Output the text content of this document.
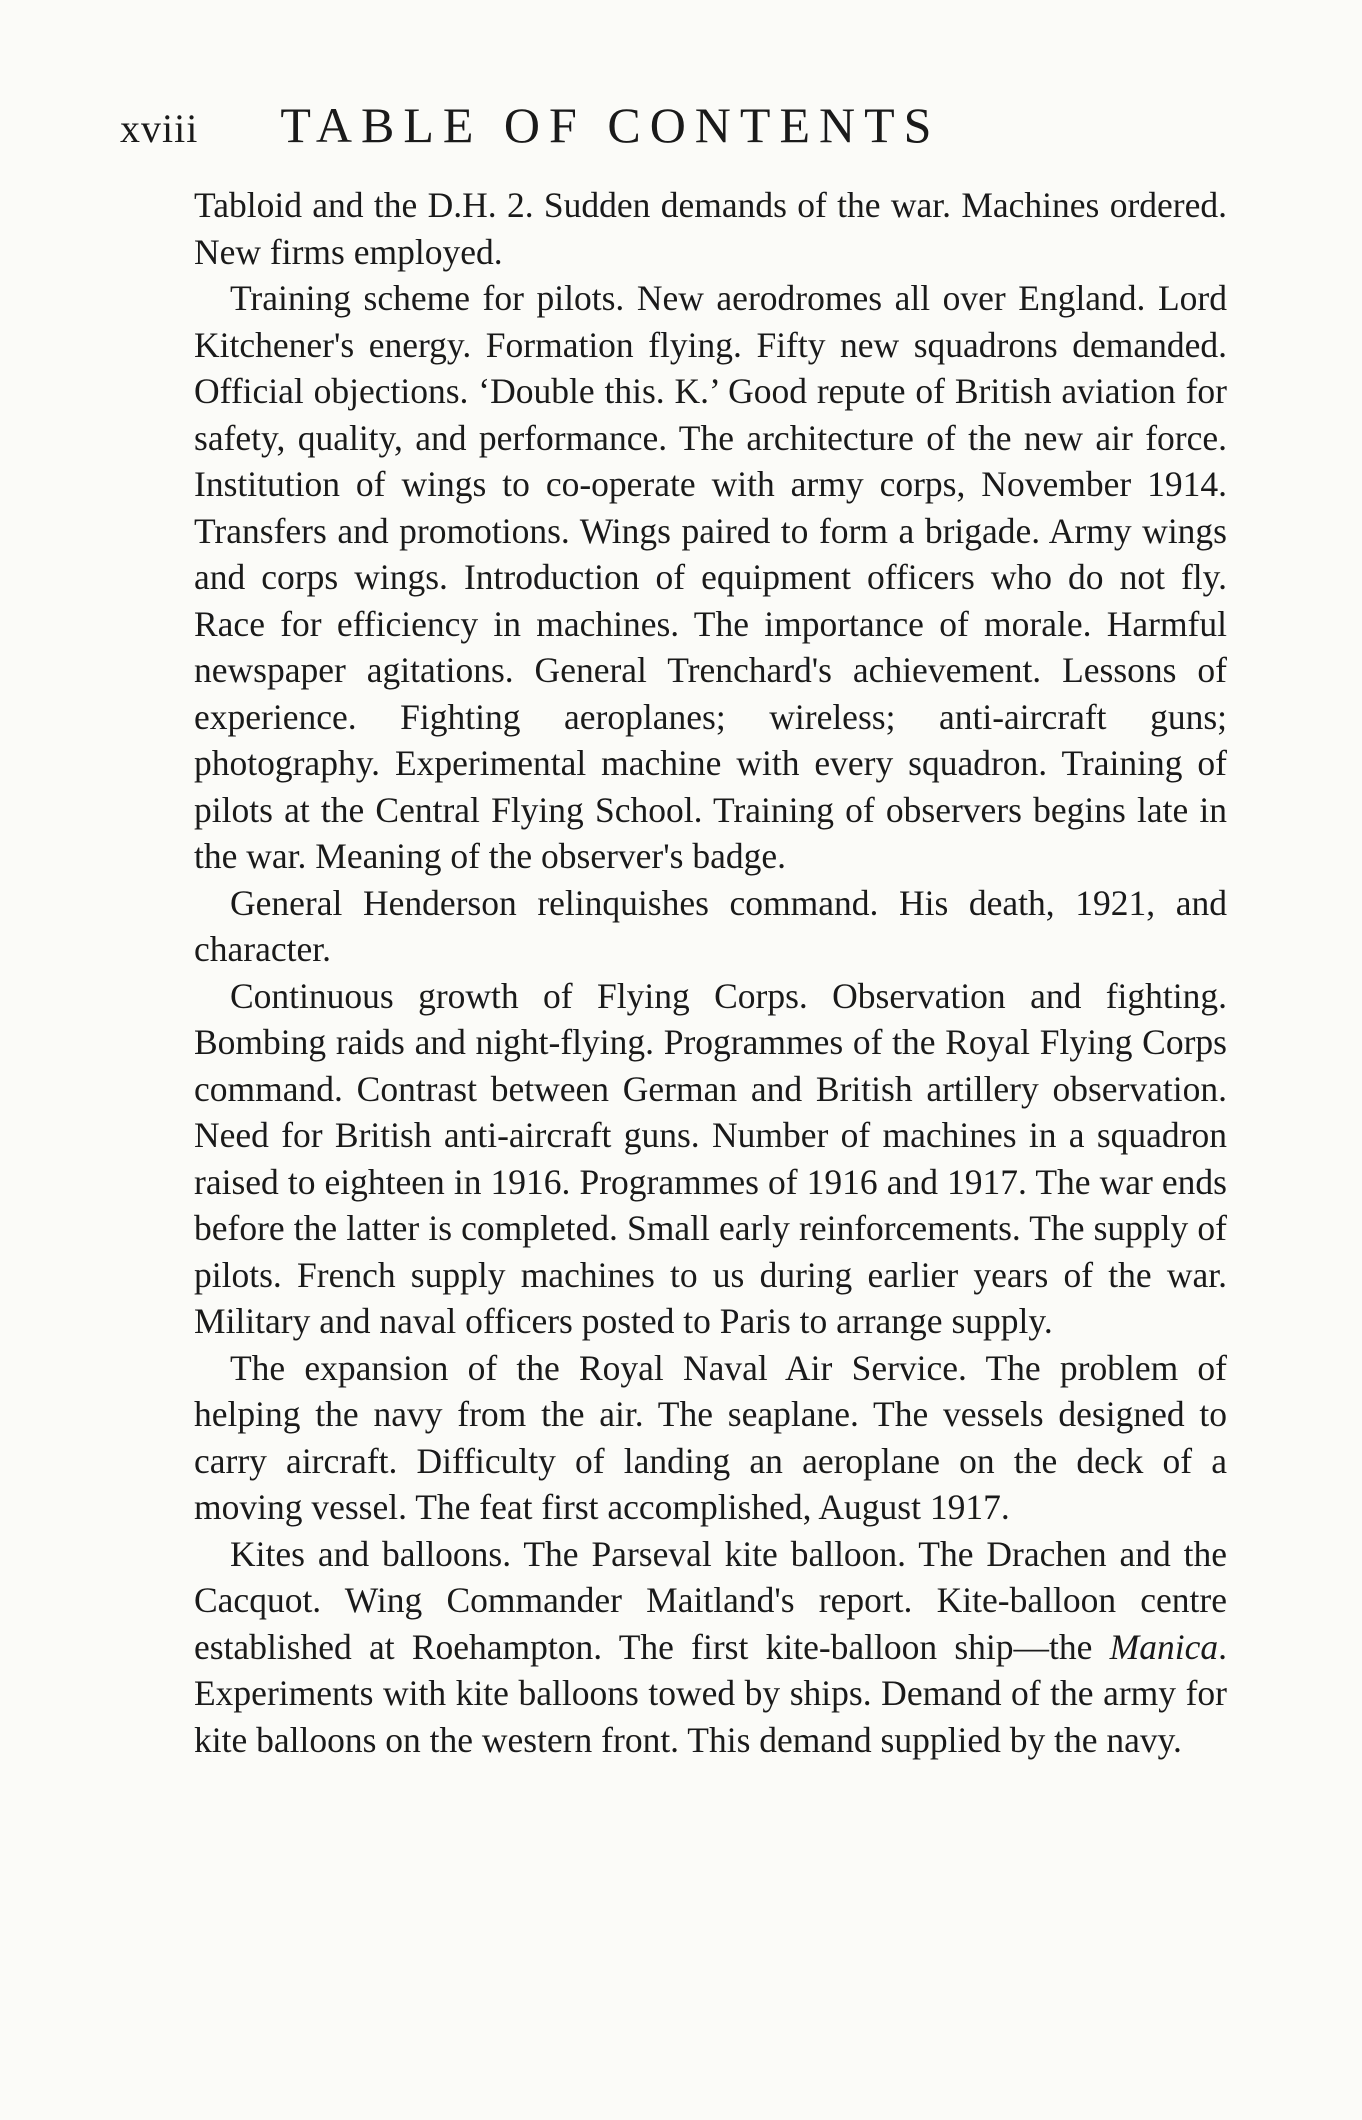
xviii TABLE OF CONTENTS

Tabloid and the D.H. 2. Sudden demands of the war. Machines ordered. New firms employed.

Training scheme for pilots. New aerodromes all over England. Lord Kitchener's energy. Formation flying. Fifty new squadrons demanded. Official objections. ‘Double this. K.’ Good repute of British aviation for safety, quality, and performance. The architecture of the new air force. Institution of wings to co-operate with army corps, November 1914. Transfers and promotions. Wings paired to form a brigade. Army wings and corps wings. Introduction of equipment officers who do not fly. Race for efficiency in machines. The importance of morale. Harmful newspaper agitations. General Trenchard's achievement. Lessons of experience. Fighting aeroplanes; wireless; anti-aircraft guns; photography. Experimental machine with every squadron. Training of pilots at the Central Flying School. Training of observers begins late in the war. Meaning of the observer's badge.

General Henderson relinquishes command. His death, 1921, and character.

Continuous growth of Flying Corps. Observation and fighting. Bombing raids and night-flying. Programmes of the Royal Flying Corps command. Contrast between German and British artillery observation. Need for British anti-aircraft guns. Number of machines in a squadron raised to eighteen in 1916. Programmes of 1916 and 1917. The war ends before the latter is completed. Small early reinforcements. The supply of pilots. French supply machines to us during earlier years of the war. Military and naval officers posted to Paris to arrange supply.

The expansion of the Royal Naval Air Service. The problem of helping the navy from the air. The seaplane. The vessels designed to carry aircraft. Difficulty of landing an aeroplane on the deck of a moving vessel. The feat first accomplished, August 1917.

Kites and balloons. The Parseval kite balloon. The Drachen and the Cacquot. Wing Commander Maitland's report. Kite-balloon centre established at Roehampton. The first kite-balloon ship—the Manica. Experiments with kite balloons towed by ships. Demand of the army for kite balloons on the western front. This demand supplied by the navy.
